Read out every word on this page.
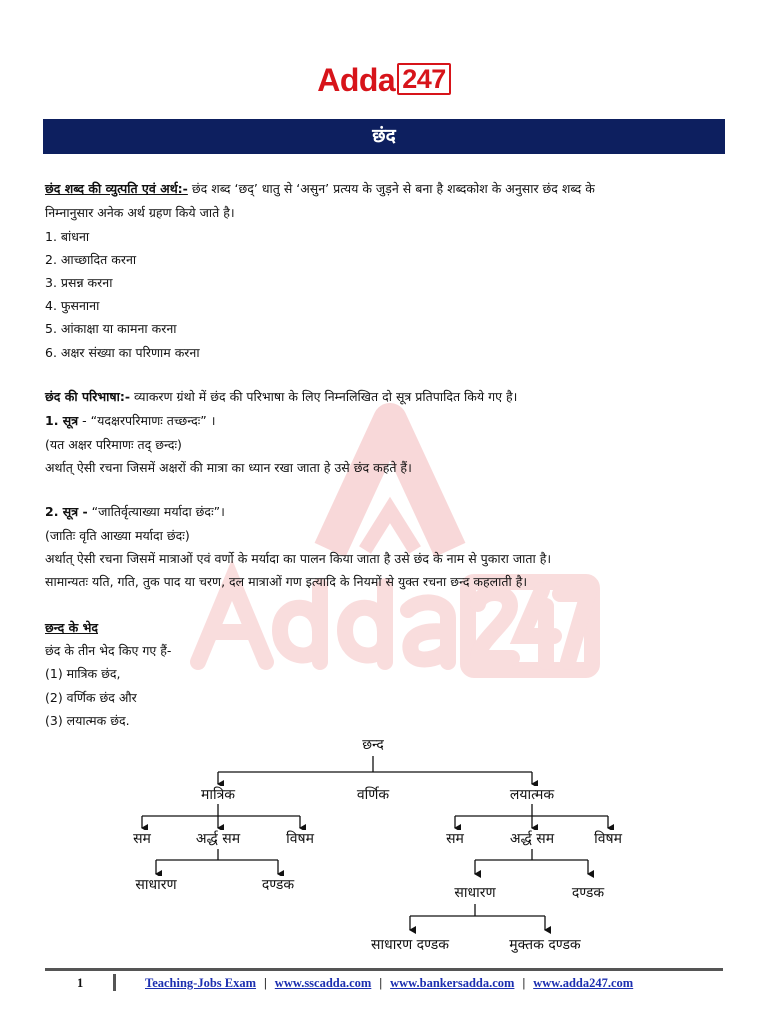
Adda 247
छंद
छंद शब्द की व्युत्पति एवं अर्थ:- छंद शब्द ‘छद्’ धातु से ‘असुन’ प्रत्यय के जुड़ने से बना है शब्दकोश के अनुसार छंद शब्द के
निम्नानुसार अनेक अर्थ ग्रहण किये जाते है।
1. बांधना
2. आच्छादित करना
3. प्रसन्न करना
4. फुसनाना
5. आंकाक्षा या कामना करना
6. अक्षर संख्या का परिणाम करना
छंद की परिभाषा:- व्याकरण ग्रंथो में छंद की परिभाषा के लिए निम्नलिखित दो सूत्र प्रतिपादित किये गए है।
1. सूत्र - “यदक्षरपरिमाणः तच्छन्दः” ।
(यत अक्षर परिमाणः तद् छन्दः)
अर्थात् ऐसी रचना जिसमें अक्षरों की मात्रा का ध्यान रखा जाता हे उसे छंद कहते हैं।
2. सूत्र - “जातिर्वृत्याख्या मर्यादा छंदः”।
(जातिः वृति आख्या मर्यादा छंदः)
अर्थात् ऐसी रचना जिसमें मात्राओं एवं वर्णो के मर्यादा का पालन किया जाता है उसे छंद के नाम से पुकारा जाता है।
सामान्यतः यति, गति, तुक पाद या चरण, दल मात्राओं गण इत्यादि के नियमों से युक्त रचना छन्द कहलाती है।
छन्द के भेद
छंद के तीन भेद किए गए हैं-
(1) मात्रिक छंद,
(2) वर्णिक छंद और
(3) लयात्मक छंद.
छन्द
मात्रिक	वर्णिक	लयात्मक
सम	अर्द्ध सम	विषम
साधारण	दण्डक
सम	अर्द्ध सम	विषम
साधारण	दण्डक
साधारण दण्डक	मुक्तक दण्डक
1	Teaching-Jobs Exam | www.sscadda.com | www.bankersadda.com | www.adda247.com
